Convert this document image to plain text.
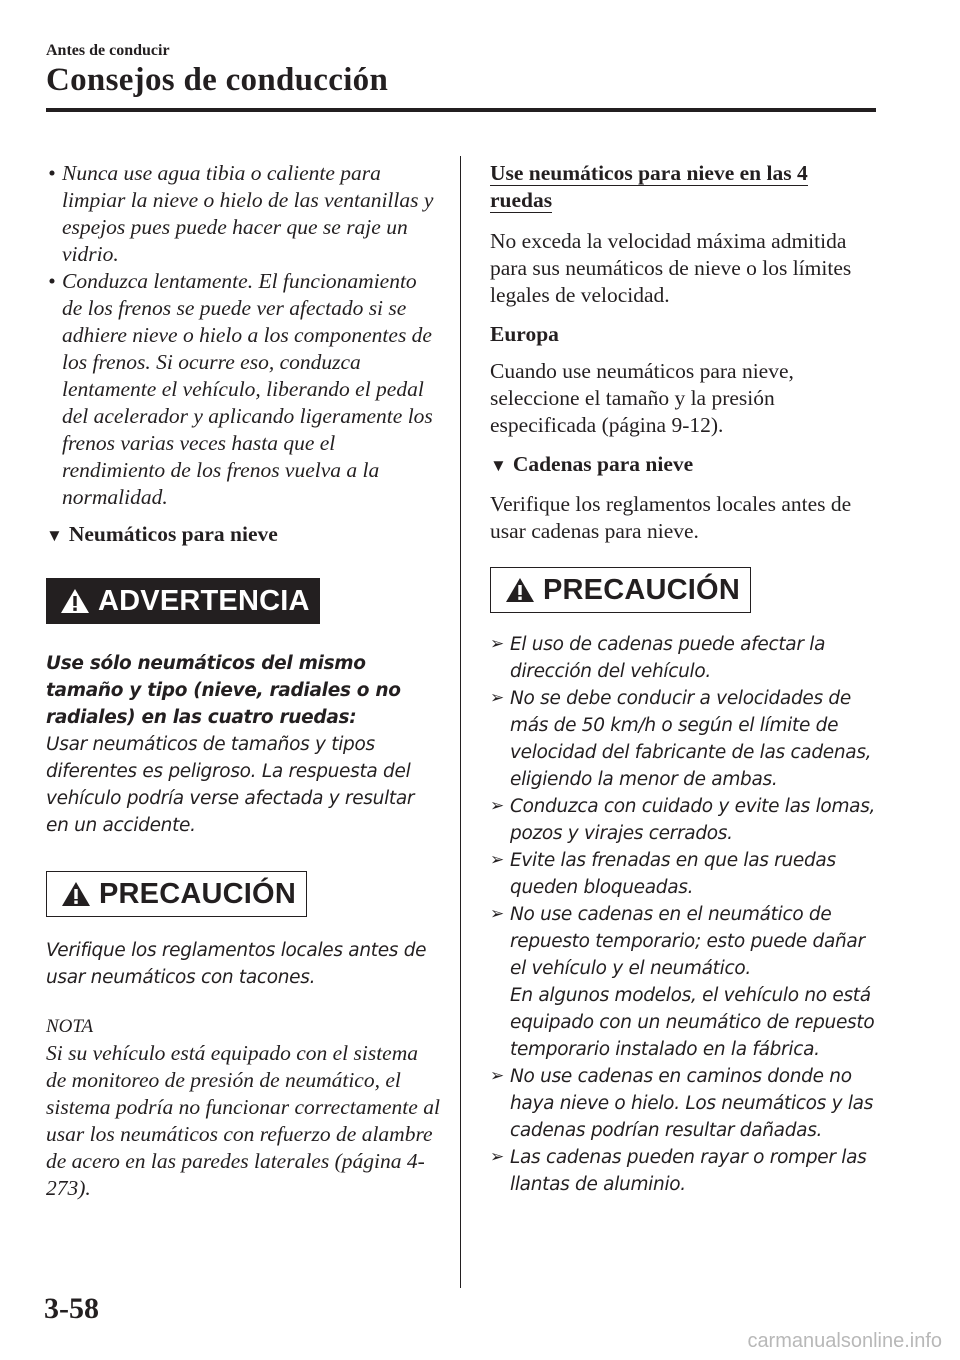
Antes de conducir
Consejos de conducción

• Nunca use agua tibia o caliente para limpiar la nieve o hielo de las ventanillas y espejos pues puede hacer que se raje un vidrio.

• Conduzca lentamente. El funcionamiento de los frenos se puede ver afectado si se adhiere nieve o hielo a los componentes de los frenos. Si ocurre eso, conduzca lentamente el vehículo, liberando el pedal del acelerador y aplicando ligeramente los frenos varias veces hasta que el rendimiento de los frenos vuelva a la normalidad.

▼ Neumáticos para nieve
ADVERTENCIA
Use sólo neumáticos del mismo tamaño y tipo (nieve, radiales o no radiales) en las cuatro ruedas:
Usar neumáticos de tamaños y tipos diferentes es peligroso. La respuesta del vehículo podría verse afectada y resultar en un accidente.
PRECAUCIÓN
Verifique los reglamentos locales antes de usar neumáticos con tacones.
NOTA
Si su vehículo está equipado con el sistema de monitoreo de presión de neumático, el sistema podría no funcionar correctamente al usar los neumáticos con refuerzo de alambre de acero en las paredes laterales (página 4-273).
Use neumáticos para nieve en las 4 ruedas
No exceda la velocidad máxima admitida para sus neumáticos de nieve o los límites legales de velocidad.
Europa
Cuando use neumáticos para nieve, seleccione el tamaño y la presión especificada (página 9-12).
▼ Cadenas para nieve
Verifique los reglamentos locales antes de usar cadenas para nieve.
PRECAUCIÓN
➢ El uso de cadenas puede afectar la dirección del vehículo.
➢ No se debe conducir a velocidades de más de 50 km/h o según el límite de velocidad del fabricante de las cadenas, eligiendo la menor de ambas.
➢ Conduzca con cuidado y evite las lomas, pozos y virajes cerrados.
➢ Evite las frenadas en que las ruedas queden bloqueadas.
➢ No use cadenas en el neumático de repuesto temporario; esto puede dañar el vehículo y el neumático.
En algunos modelos, el vehículo no está equipado con un neumático de repuesto temporario instalado en la fábrica.
➢ No use cadenas en caminos donde no haya nieve o hielo. Los neumáticos y las cadenas podrían resultar dañadas.
➢ Las cadenas pueden rayar o romper las llantas de aluminio.
3-58
carmanualsonline.info
